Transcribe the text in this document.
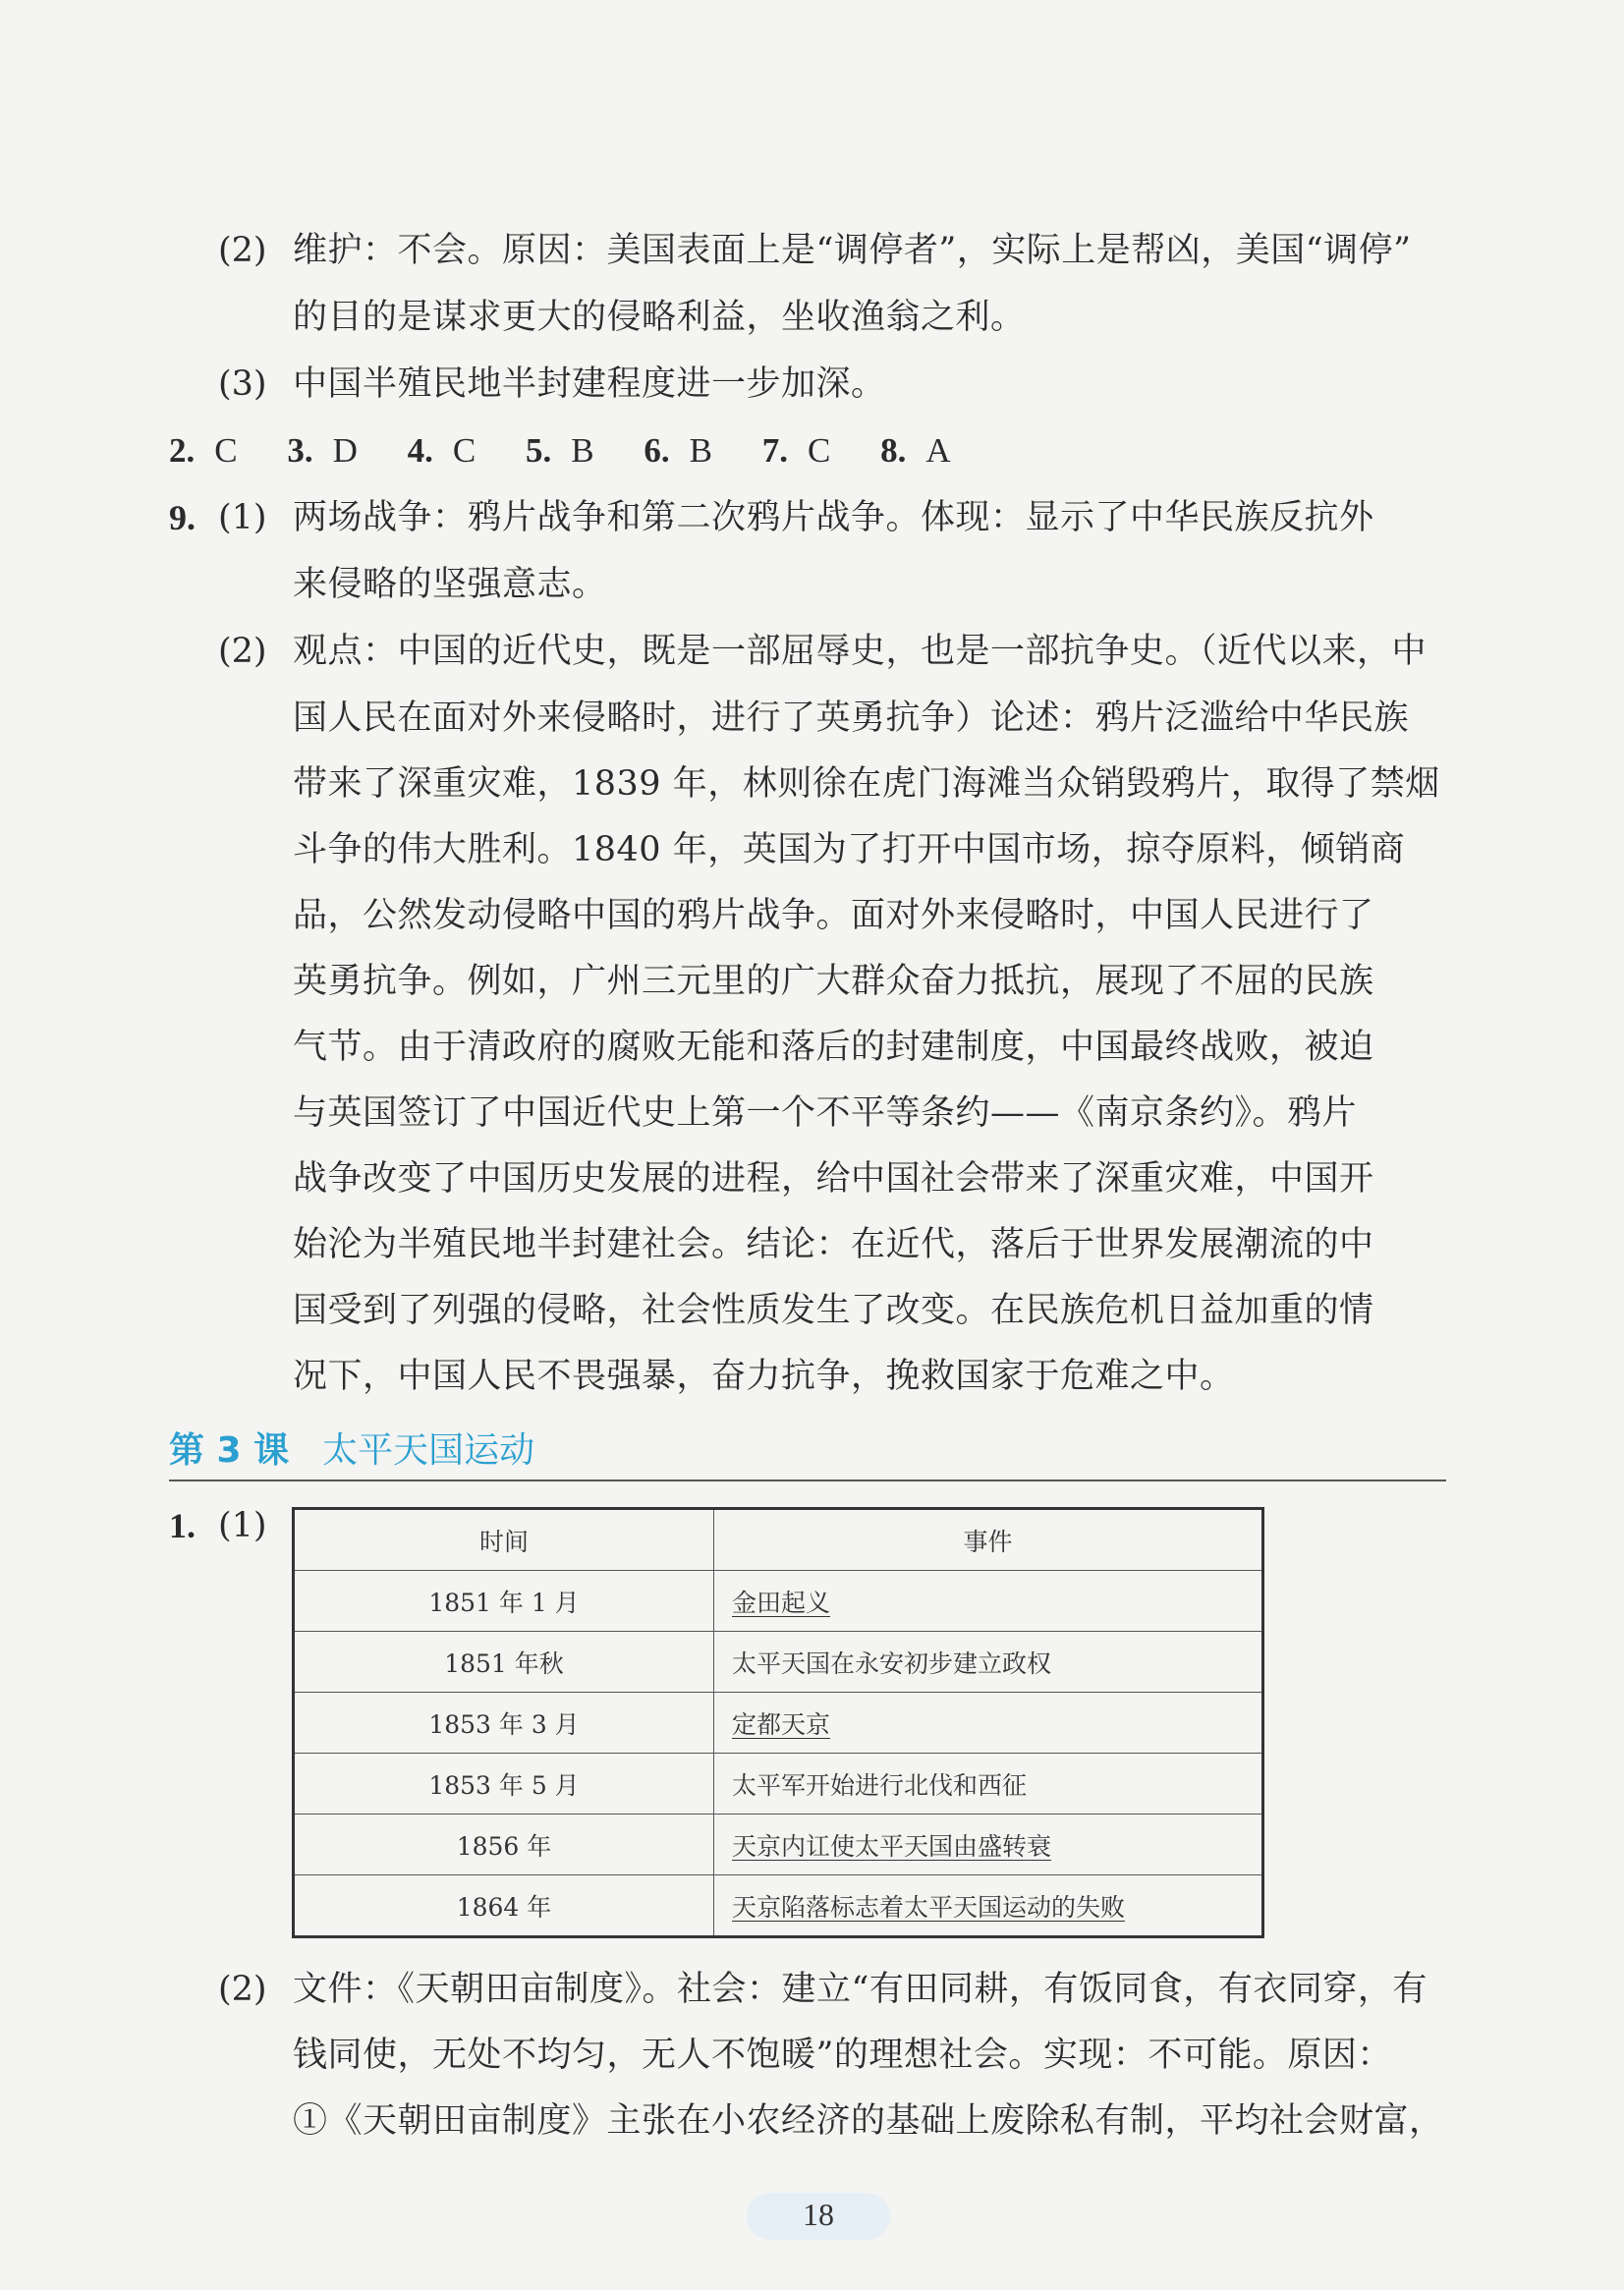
(2) 维护：不会。原因：美国表面上是“调停者”，实际上是帮凶，美国“调停”
的目的是谋求更大的侵略利益，坐收渔翁之利。
(3) 中国半殖民地半封建程度进一步加深。
2. C 3. D 4. C 5. B 6. B 7. C 8. A
9. (1) 两场战争：鸦片战争和第二次鸦片战争。体现：显示了中华民族反抗外
来侵略的坚强意志。
(2) 观点：中国的近代史，既是一部屈辱史，也是一部抗争史。（近代以来，中
国人民在面对外来侵略时，进行了英勇抗争）论述：鸦片泛滥给中华民族
带来了深重灾难，1839 年，林则徐在虎门海滩当众销毁鸦片，取得了禁烟
斗争的伟大胜利。1840 年，英国为了打开中国市场，掠夺原料，倾销商
品，公然发动侵略中国的鸦片战争。面对外来侵略时，中国人民进行了
英勇抗争。例如，广州三元里的广大群众奋力抵抗，展现了不屈的民族
气节。由于清政府的腐败无能和落后的封建制度，中国最终战败，被迫
与英国签订了中国近代史上第一个不平等条约——《南京条约》。鸦片
战争改变了中国历史发展的进程，给中国社会带来了深重灾难，中国开
始沦为半殖民地半封建社会。结论：在近代，落后于世界发展潮流的中
国受到了列强的侵略，社会性质发生了改变。在民族危机日益加重的情
况下，中国人民不畏强暴，奋力抗争，挽救国家于危难之中。
第 3 课 太平天国运动
1. (1)	时间	事件
1851 年 1 月	金田起义
1851 年秋	太平天国在永安初步建立政权
1853 年 3 月	定都天京
1853 年 5 月	太平军开始进行北伐和西征
1856 年	天京内讧使太平天国由盛转衰
1864 年	天京陷落标志着太平天国运动的失败
(2) 文件：《天朝田亩制度》。社会：建立“有田同耕，有饭同食，有衣同穿，有
钱同使，无处不均匀，无人不饱暖”的理想社会。实现：不可能。原因：
①《天朝田亩制度》主张在小农经济的基础上废除私有制，平均社会财富，
18
